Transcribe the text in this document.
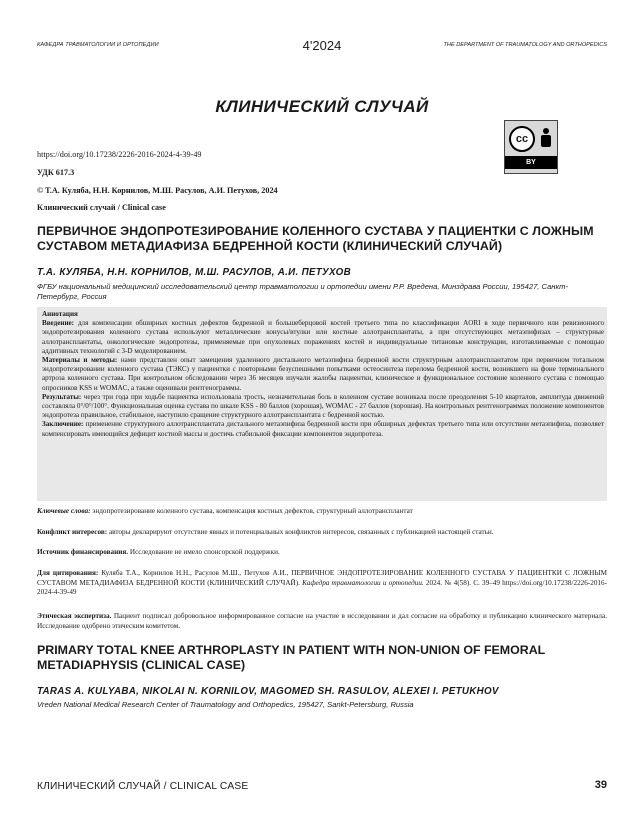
КАФЕДРА ТРАВМАТОЛОГИИ И ОРТОПЕДИИ	4'2024	THE DEPARTMENT OF TRAUMATOLOGY AND ORTHOPEDICS
КЛИНИЧЕСКИЙ СЛУЧАЙ
cc
BY
https://doi.org/10.17238/2226-2016-2024-4-39-49
УДК 617.3
© Т.А. Куляба, Н.Н. Корнилов, М.Ш. Расулов, А.И. Петухов, 2024
Клинический случай / Clinical case
ПЕРВИЧНОЕ ЭНДОПРОТЕЗИРОВАНИЕ КОЛЕННОГО СУСТАВА У ПАЦИЕНТКИ С ЛОЖНЫМ СУСТАВОМ МЕТАДИАФИЗА БЕДРЕННОЙ КОСТИ (КЛИНИЧЕСКИЙ СЛУЧАЙ)
Т.А. КУЛЯБА, Н.Н. КОРНИЛОВ, М.Ш. РАСУЛОВ, А.И. ПЕТУХОВ
ФГБУ национальный медицинский исследовательский центр травматологии и ортопедии имени Р.Р. Вредена, Минздрава России, 195427, Санкт-Петербург, Россия

Аннотация

Введение: для компенсации обширных костных дефектов бедренной и большеберцовой костей третьего типа по классификации AORI в ходе первичного или ревизионного эндопротезирования коленного сустава используют металлические конусы/втулки или костные аллотрансплантаты, а при отсутствующих метаэпифизах – структурные аллотрансплантаты, онкологические эндопротезы, применяемые при опухолевых поражениях костей и индивидуальные титановые конструкции, изготавливаемые с помощью аддитивных технологий с 3-D моделированием.

Материалы и методы: нами представлен опыт замещения удаленного дистального метаэпифиза бедренной кости структурным аллотрансплантатом при первичном тотальном эндопротезировании коленного сустава (ТЭКС) у пациентки с повторными безуспешными попытками остеосинтеза перелома бедренной кости, возникшего на фоне терминального артроза коленного сустава. При контрольном обследовании через 36 месяцев изучали жалобы пациентки, клиническое и функциональное состояние коленного сустава с помощью опросников KSS и WOMAC, а также оценивали рентгенограммы.

Результаты: через три года при ходьбе пациентка использовала трость, незначительная боль в коленном суставе возникала после преодоления 5-10 кварталов, амплитуда движений составляла 0°/0°/100°. Функциональная оценка сустава по шкале KSS - 80 баллов (хорошая), WOMAC - 27 баллов (хорошая). На контрольных рентгенограммах положение компонентов эндопротеза правильное, стабильное, наступило сращение структурного аллотрансплантата с бедренной костью.

Заключение: применение структурного аллотрансплантата дистального метаэпифиза бедренной кости при обширных дефектах третьего типа или отсутствии метаэпифиза, позволяет компенсировать имеющийся дефицит костной массы и достичь стабильной фиксации компонентов эндопротеза.

Ключевые слова: эндопротезирование коленного сустава, компенсация костных дефектов, структурный аллотрансплантат
Конфликт интересов: авторы декларируют отсутствие явных и потенциальных конфликтов интересов, связанных с публикацией настоящей статьи.
Источник финансирования. Исследование не имело спонсорской поддержки.
Для цитирования: Куляба Т.А., Корнилов Н.Н., Расулов М.Ш., Петухов А.И., ПЕРВИЧНОЕ ЭНДОПРОТЕЗИРОВАНИЕ КОЛЕННОГО СУСТАВА У ПАЦИЕНТКИ С ЛОЖНЫМ СУСТАВОМ МЕТАДИАФИЗА БЕДРЕННОЙ КОСТИ (КЛИНИЧЕСКИЙ СЛУЧАЙ). Кафедра травматологии и ортопедии. 2024. № 4(58). С. 39–49 https://doi.org/10.17238/2226-2016-2024-4-39-49
Этическая экспертиза. Пациент подписал добровольное информированное согласие на участие в исследовании и дал согласие на обработку и публикацию клинического материала. Исследование одобрено этическим комитетом.
PRIMARY TOTAL KNEE ARTHROPLASTY IN PATIENT WITH NON-UNION OF FEMORAL METADIAPHYSIS (CLINICAL CASE)
TARAS A. KULYABA, NIKOLAI N. KORNILOV, MAGOMED SH. RASULOV, ALEXEI I. PETUKHOV
Vreden National Medical Research Center of Traumatology and Orthopedics, 195427, Sankt-Petersburg, Russia
КЛИНИЧЕСКИЙ СЛУЧАЙ / CLINICAL CASE	39
